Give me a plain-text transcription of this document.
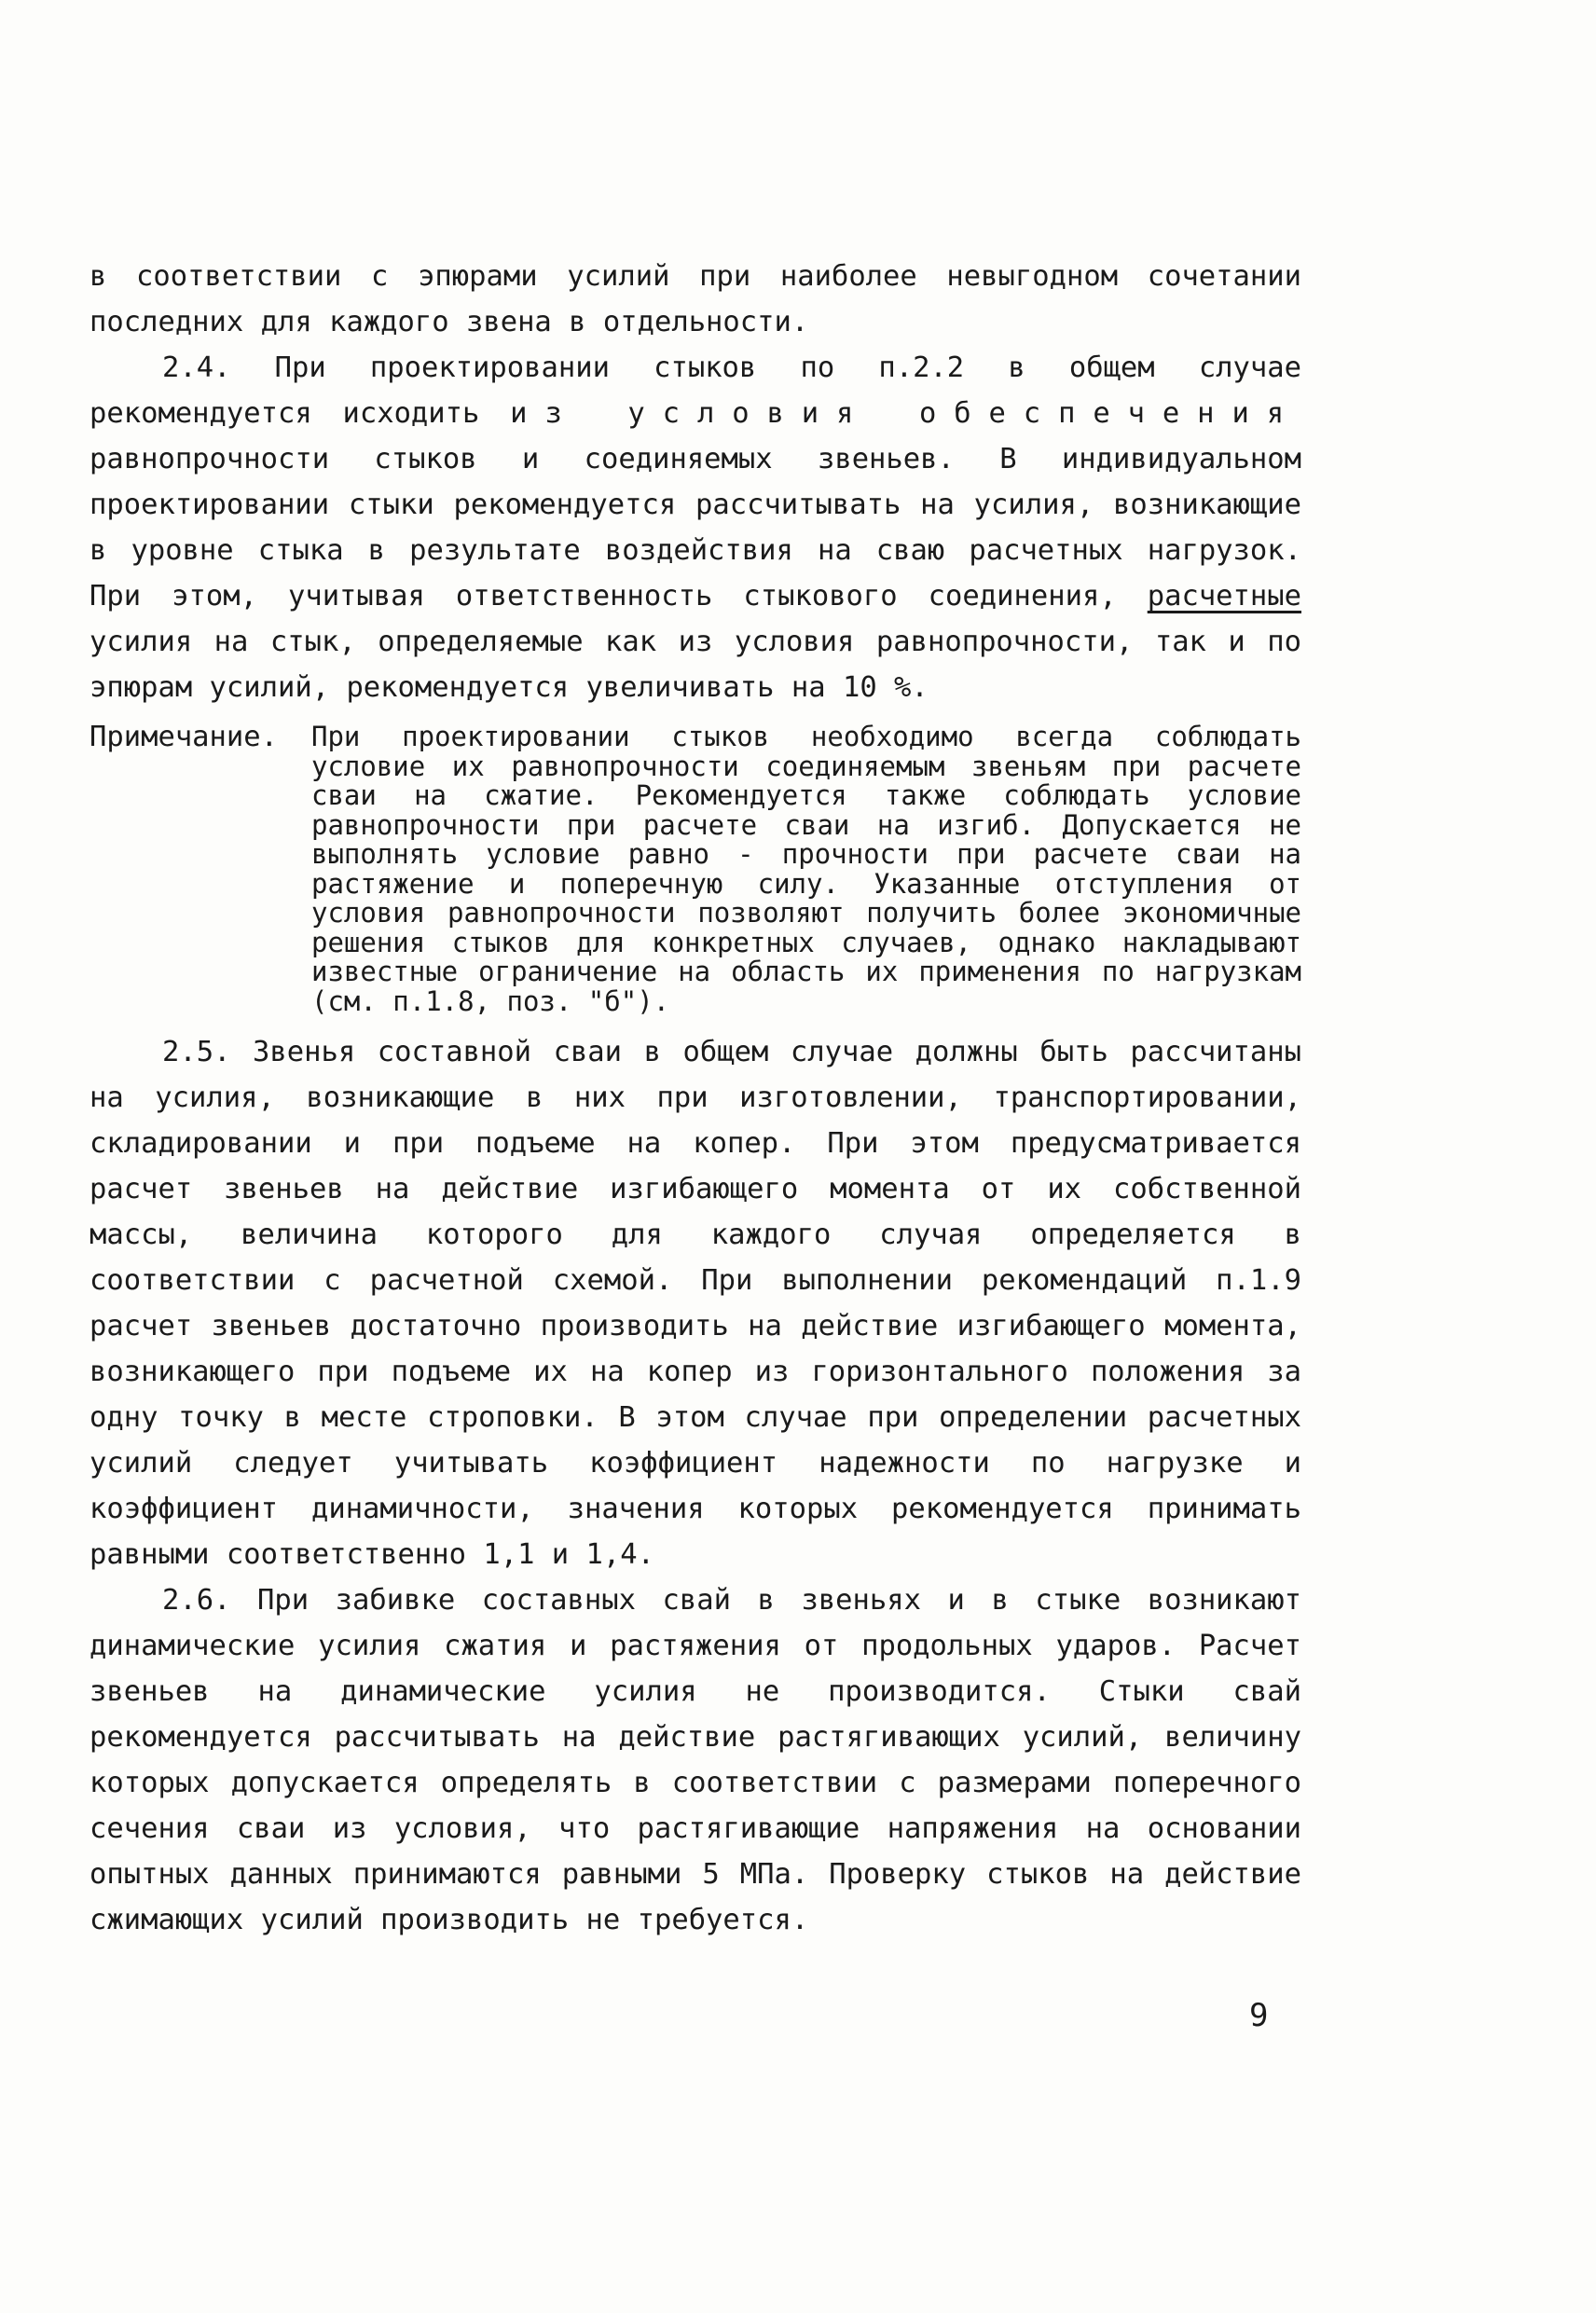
в соответствии с эпюрами усилий при наиболее невыгодном сочетании последних для каждого звена в отдельности.

2.4. При проектировании стыков по п.2.2 в общем случае рекомендуется исходить из условия обеспечения равнопрочности стыков и соединяемых звеньев. В индивидуальном проектировании стыки рекомендуется рассчитывать на усилия, возникающие в уровне стыка в результате воздействия на сваю расчетных нагрузок. При этом, учитывая ответственность стыкового соединения, расчетные усилия на стык, определяемые как из условия равнопрочности, так и по эпюрам усилий, рекомендуется увеличивать на 10 %.

Примечание.	При проектировании стыков необходимо всегда соблюдать условие их равнопрочности соединяемым звеньям при расчете сваи на сжатие. Рекомендуется также соблюдать условие равнопрочности при расчете сваи на изгиб. Допускается не выполнять условие равно - прочности при расчете сваи на растяжение и поперечную силу. Указанные отступления от условия равнопрочности позволяют получить более экономичные решения стыков для конкретных случаев, однако накладывают известные ограничение на область их применения по нагрузкам (см. п.1.8, поз. "б").

2.5. Звенья составной сваи в общем случае должны быть рассчитаны на усилия, возникающие в них при изготовлении, транспортировании, складировании и при подъеме на копер. При этом предусматривается расчет звеньев на действие изгибающего момента от их собственной массы, величина которого для каждого случая определяется в соответствии с расчетной схемой. При выполнении рекомендаций п.1.9 расчет звеньев достаточно производить на действие изгибающего момента, возникающего при подъеме их на копер из горизонтального положения за одну точку в месте строповки. В этом случае при определении расчетных усилий следует учитывать коэффициент надежности по нагрузке и коэффициент динамичности, значения которых рекомендуется принимать равными соответственно 1,1 и 1,4.

2.6. При забивке составных свай в звеньях и в стыке возникают динамические усилия сжатия и растяжения от продольных ударов. Расчет звеньев на динамические усилия не производится. Стыки свай рекомендуется рассчитывать на действие растягивающих усилий, величину которых допускается определять в соответствии с размерами поперечного сечения сваи из условия, что растягивающие напряжения на основании опытных данных принимаются равными 5 МПа. Проверку стыков на действие сжимающих усилий производить не требуется.

9
